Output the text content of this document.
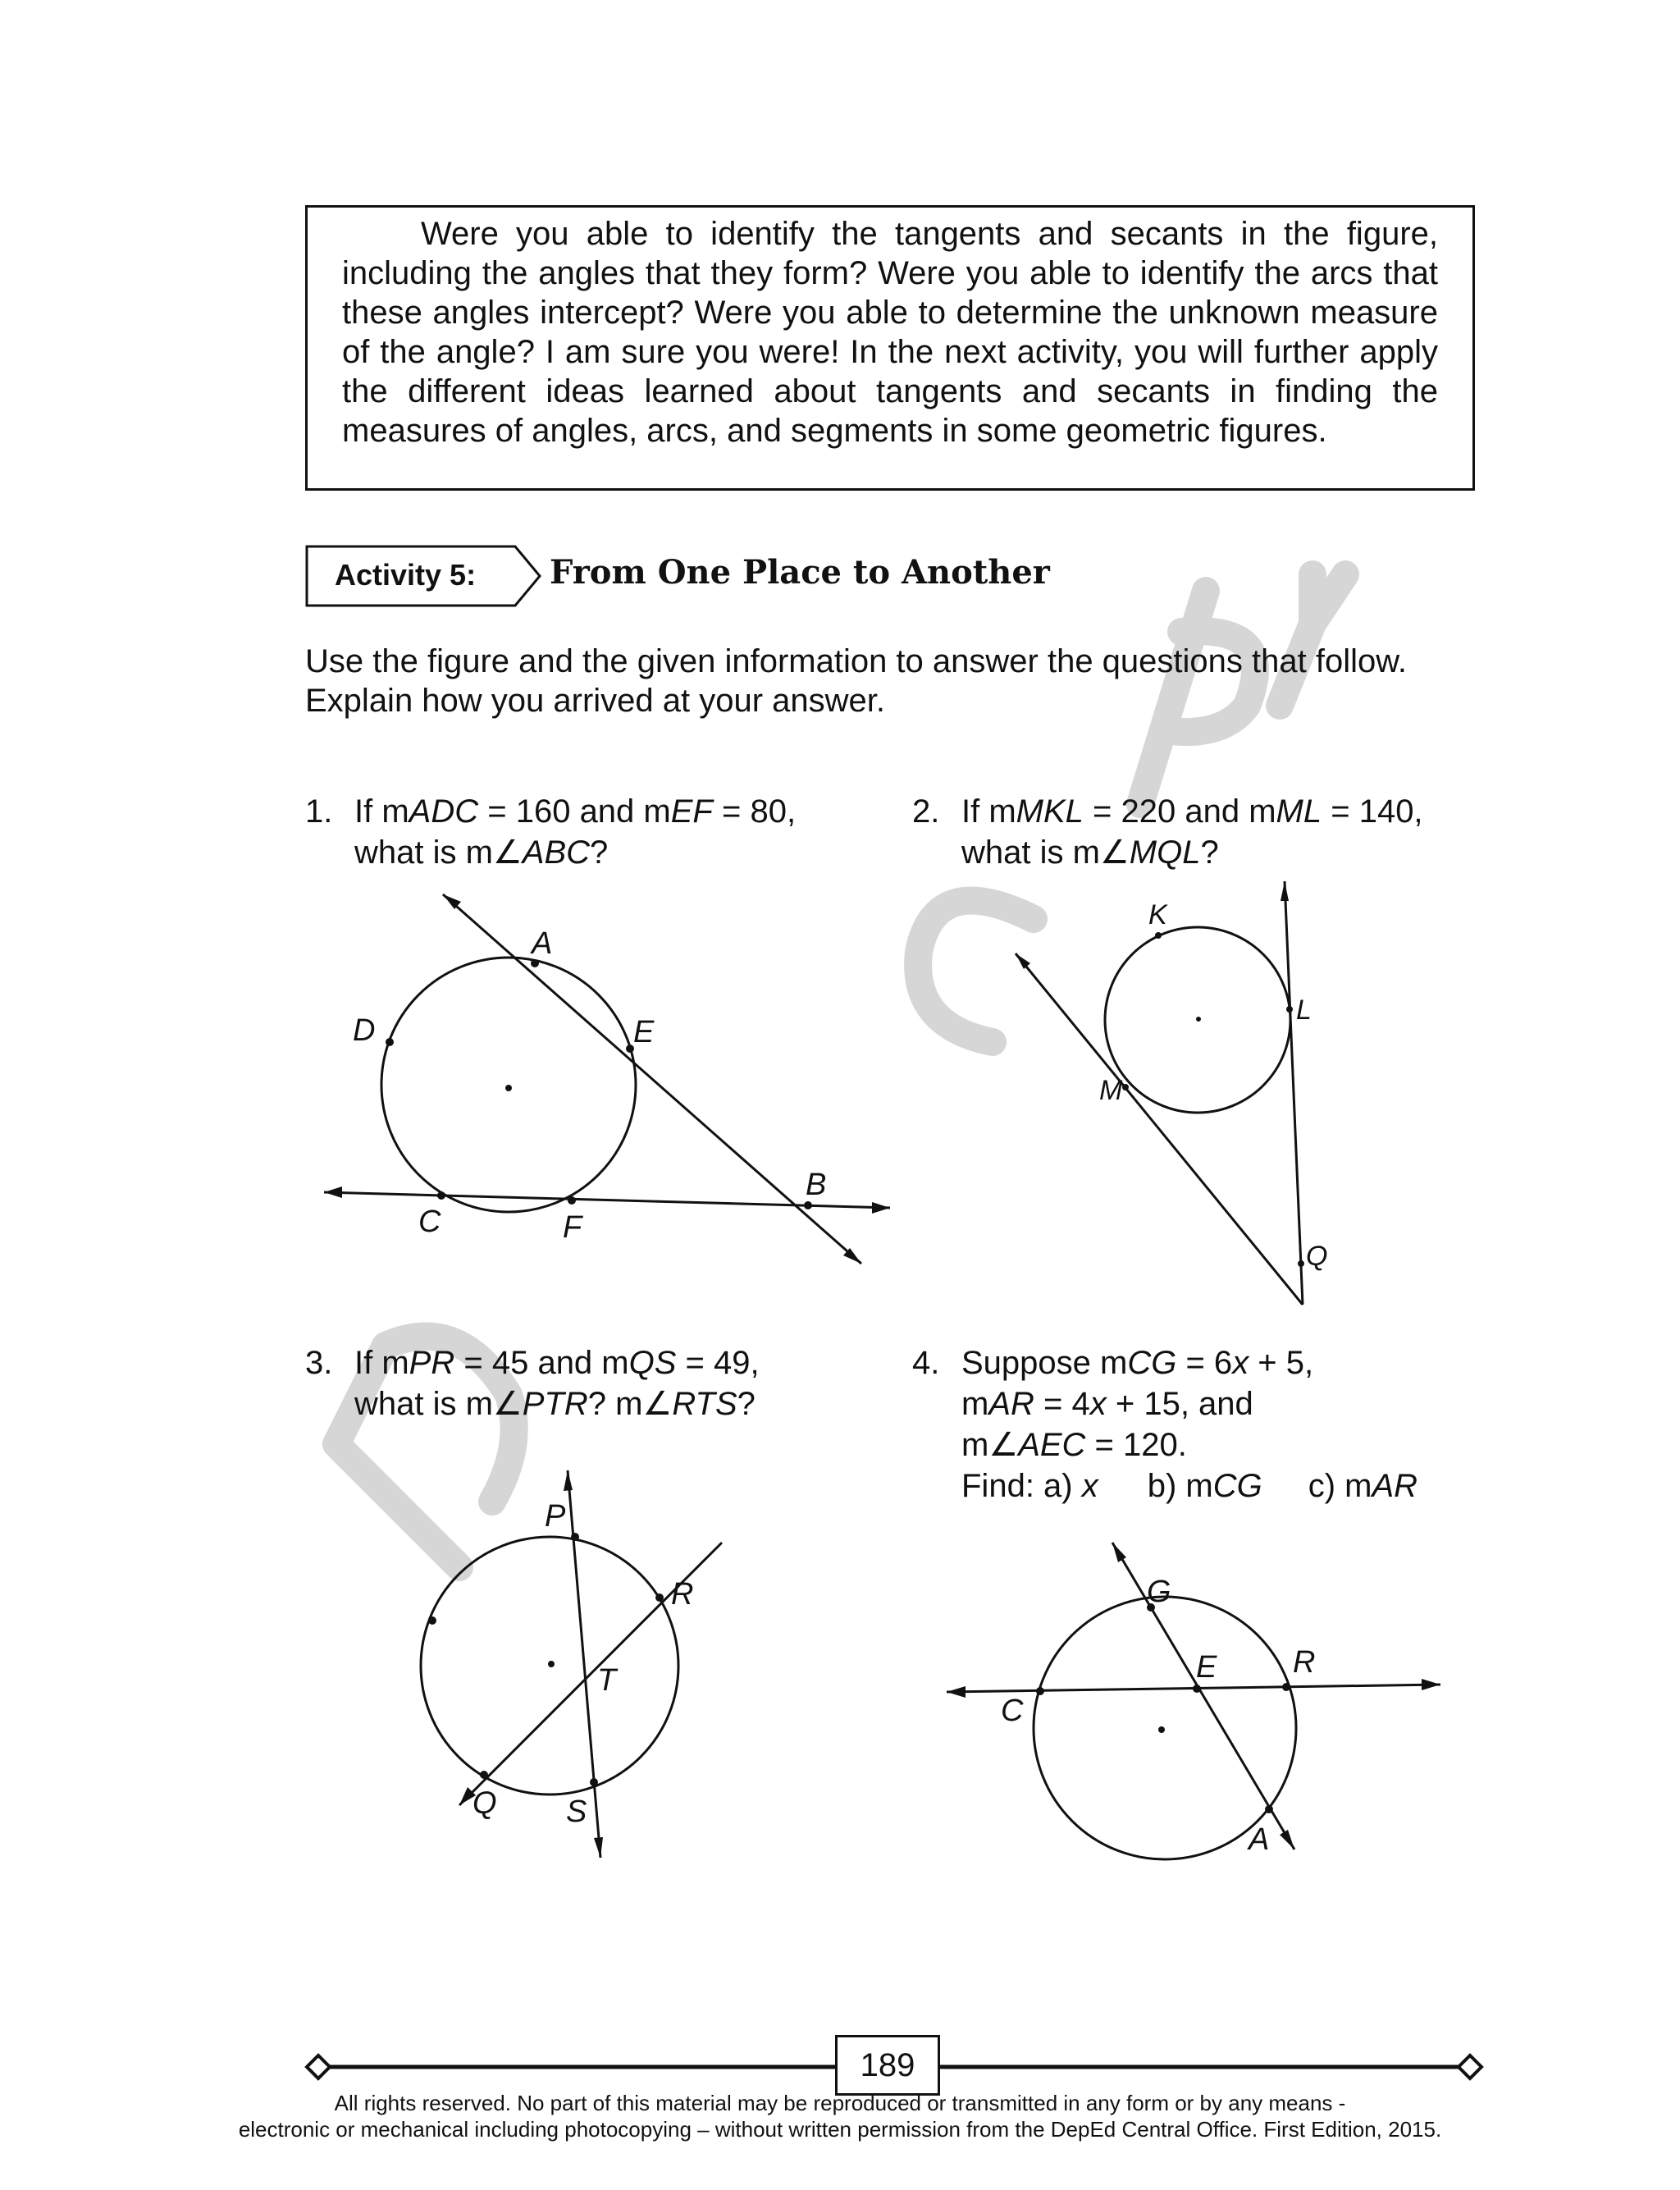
Were you able to identify the tangents and secants in the figure, including the angles that they form? Were you able to identify the arcs that these angles intercept? Were you able to determine the unknown measure of the angle? I am sure you were! In the next activity, you will further apply the different ideas learned about tangents and secants in finding the measures of angles, arcs, and segments in some geometric figures.

Activity 5: From One Place to Another
Use the figure and the given information to answer the questions that follow.
Explain how you arrived at your answer.
1. If mADC = 160 and mEF = 80,
what is m∠ABC?
A
D	E
B
C	F
2. If mMKL = 220 and mML = 140,
what is m∠MQL?
K
L
M
Q
3. If mPR = 45 and mQS = 49,
what is m∠PTR? m∠RTS?
P
R
T
Q S
4. Suppose mCG = 6x + 5,
mAR = 4x + 15, and
m∠AEC = 120.
Find: a) x b) mCG c) mAR
G
E R
C
A
189
All rights reserved. No part of this material may be reproduced or transmitted in any form or by any means -
electronic or mechanical including photocopying – without written permission from the DepEd Central Office. First Edition, 2015.
